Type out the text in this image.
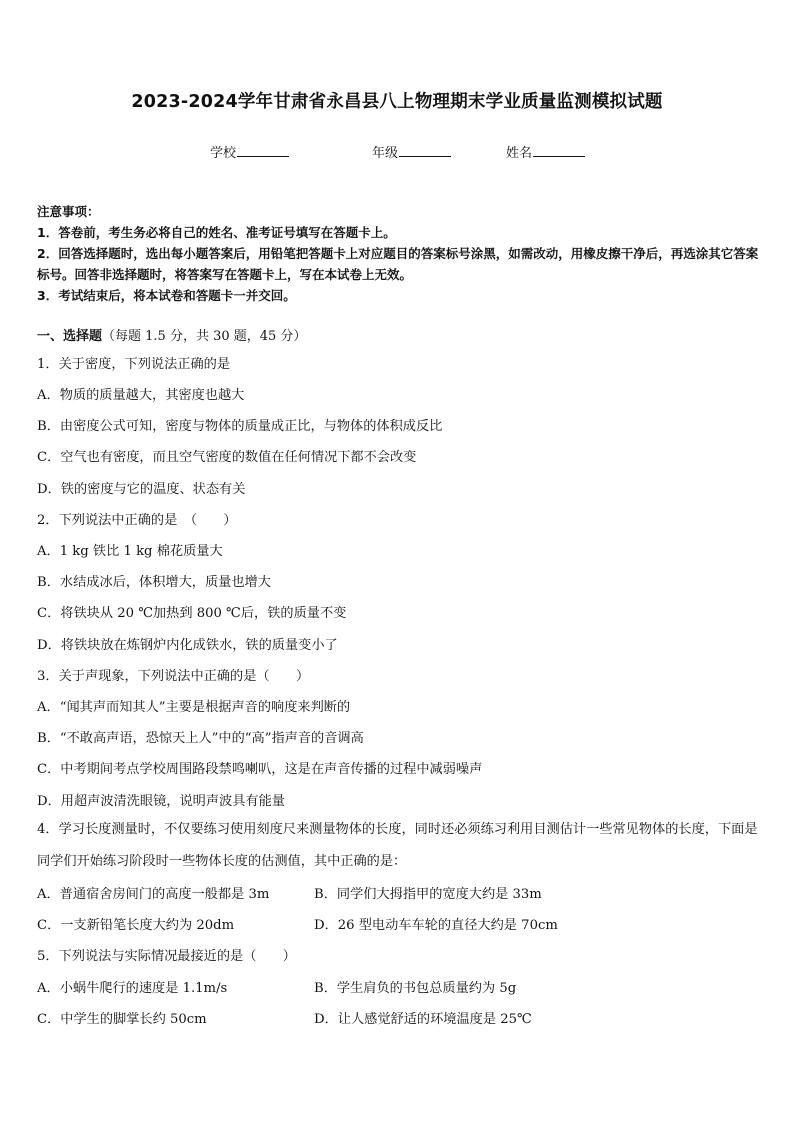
2023-2024学年甘肃省永昌县八上物理期末学业质量监测模拟试题
学校	年级	姓名
注意事项：
1．答卷前，考生务必将自己的姓名、准考证号填写在答题卡上。
2．回答选择题时，选出每小题答案后，用铅笔把答题卡上对应题目的答案标号涂黑，如需改动，用橡皮擦干净后，再选涂其它答案标号。回答非选择题时，将答案写在答题卡上，写在本试卷上无效。
3．考试结束后，将本试卷和答题卡一并交回。
一、选择题（每题 1.5 分，共 30 题，45 分）
1．关于密度，下列说法正确的是
A．物质的质量越大，其密度也越大
B．由密度公式可知，密度与物体的质量成正比，与物体的体积成反比
C．空气也有密度，而且空气密度的数值在任何情况下都不会改变
D．铁的密度与它的温度、状态有关
2．下列说法中正确的是　（　　）
A．1 kg 铁比 1 kg 棉花质量大
B．水结成冰后，体积增大，质量也增大
C．将铁块从 20 ℃加热到 800 ℃后，铁的质量不变
D．将铁块放在炼钢炉内化成铁水，铁的质量变小了
3．关于声现象，下列说法中正确的是（　　）
A．“闻其声而知其人”主要是根据声音的响度来判断的
B．“不敢高声语，恐惊天上人”中的“高”指声音的音调高
C．中考期间考点学校周围路段禁鸣喇叭，这是在声音传播的过程中减弱噪声
D．用超声波清洗眼镜，说明声波具有能量
4．学习长度测量时，不仅要练习使用刻度尺来测量物体的长度，同时还必须练习利用目测估计一些常见物体的长度，下面是同学们开始练习阶段时一些物体长度的估测值，其中正确的是：
A．普通宿舍房间门的高度一般都是 3m	B．同学们大拇指甲的宽度大约是 33m
C．一支新铅笔长度大约为 20dm	D．26 型电动车车轮的直径大约是 70cm
5．下列说法与实际情况最接近的是（　　）
A．小蜗牛爬行的速度是 1.1m/s	B．学生肩负的书包总质量约为 5g
C．中学生的脚掌长约 50cm	D．让人感觉舒适的环境温度是 25℃
